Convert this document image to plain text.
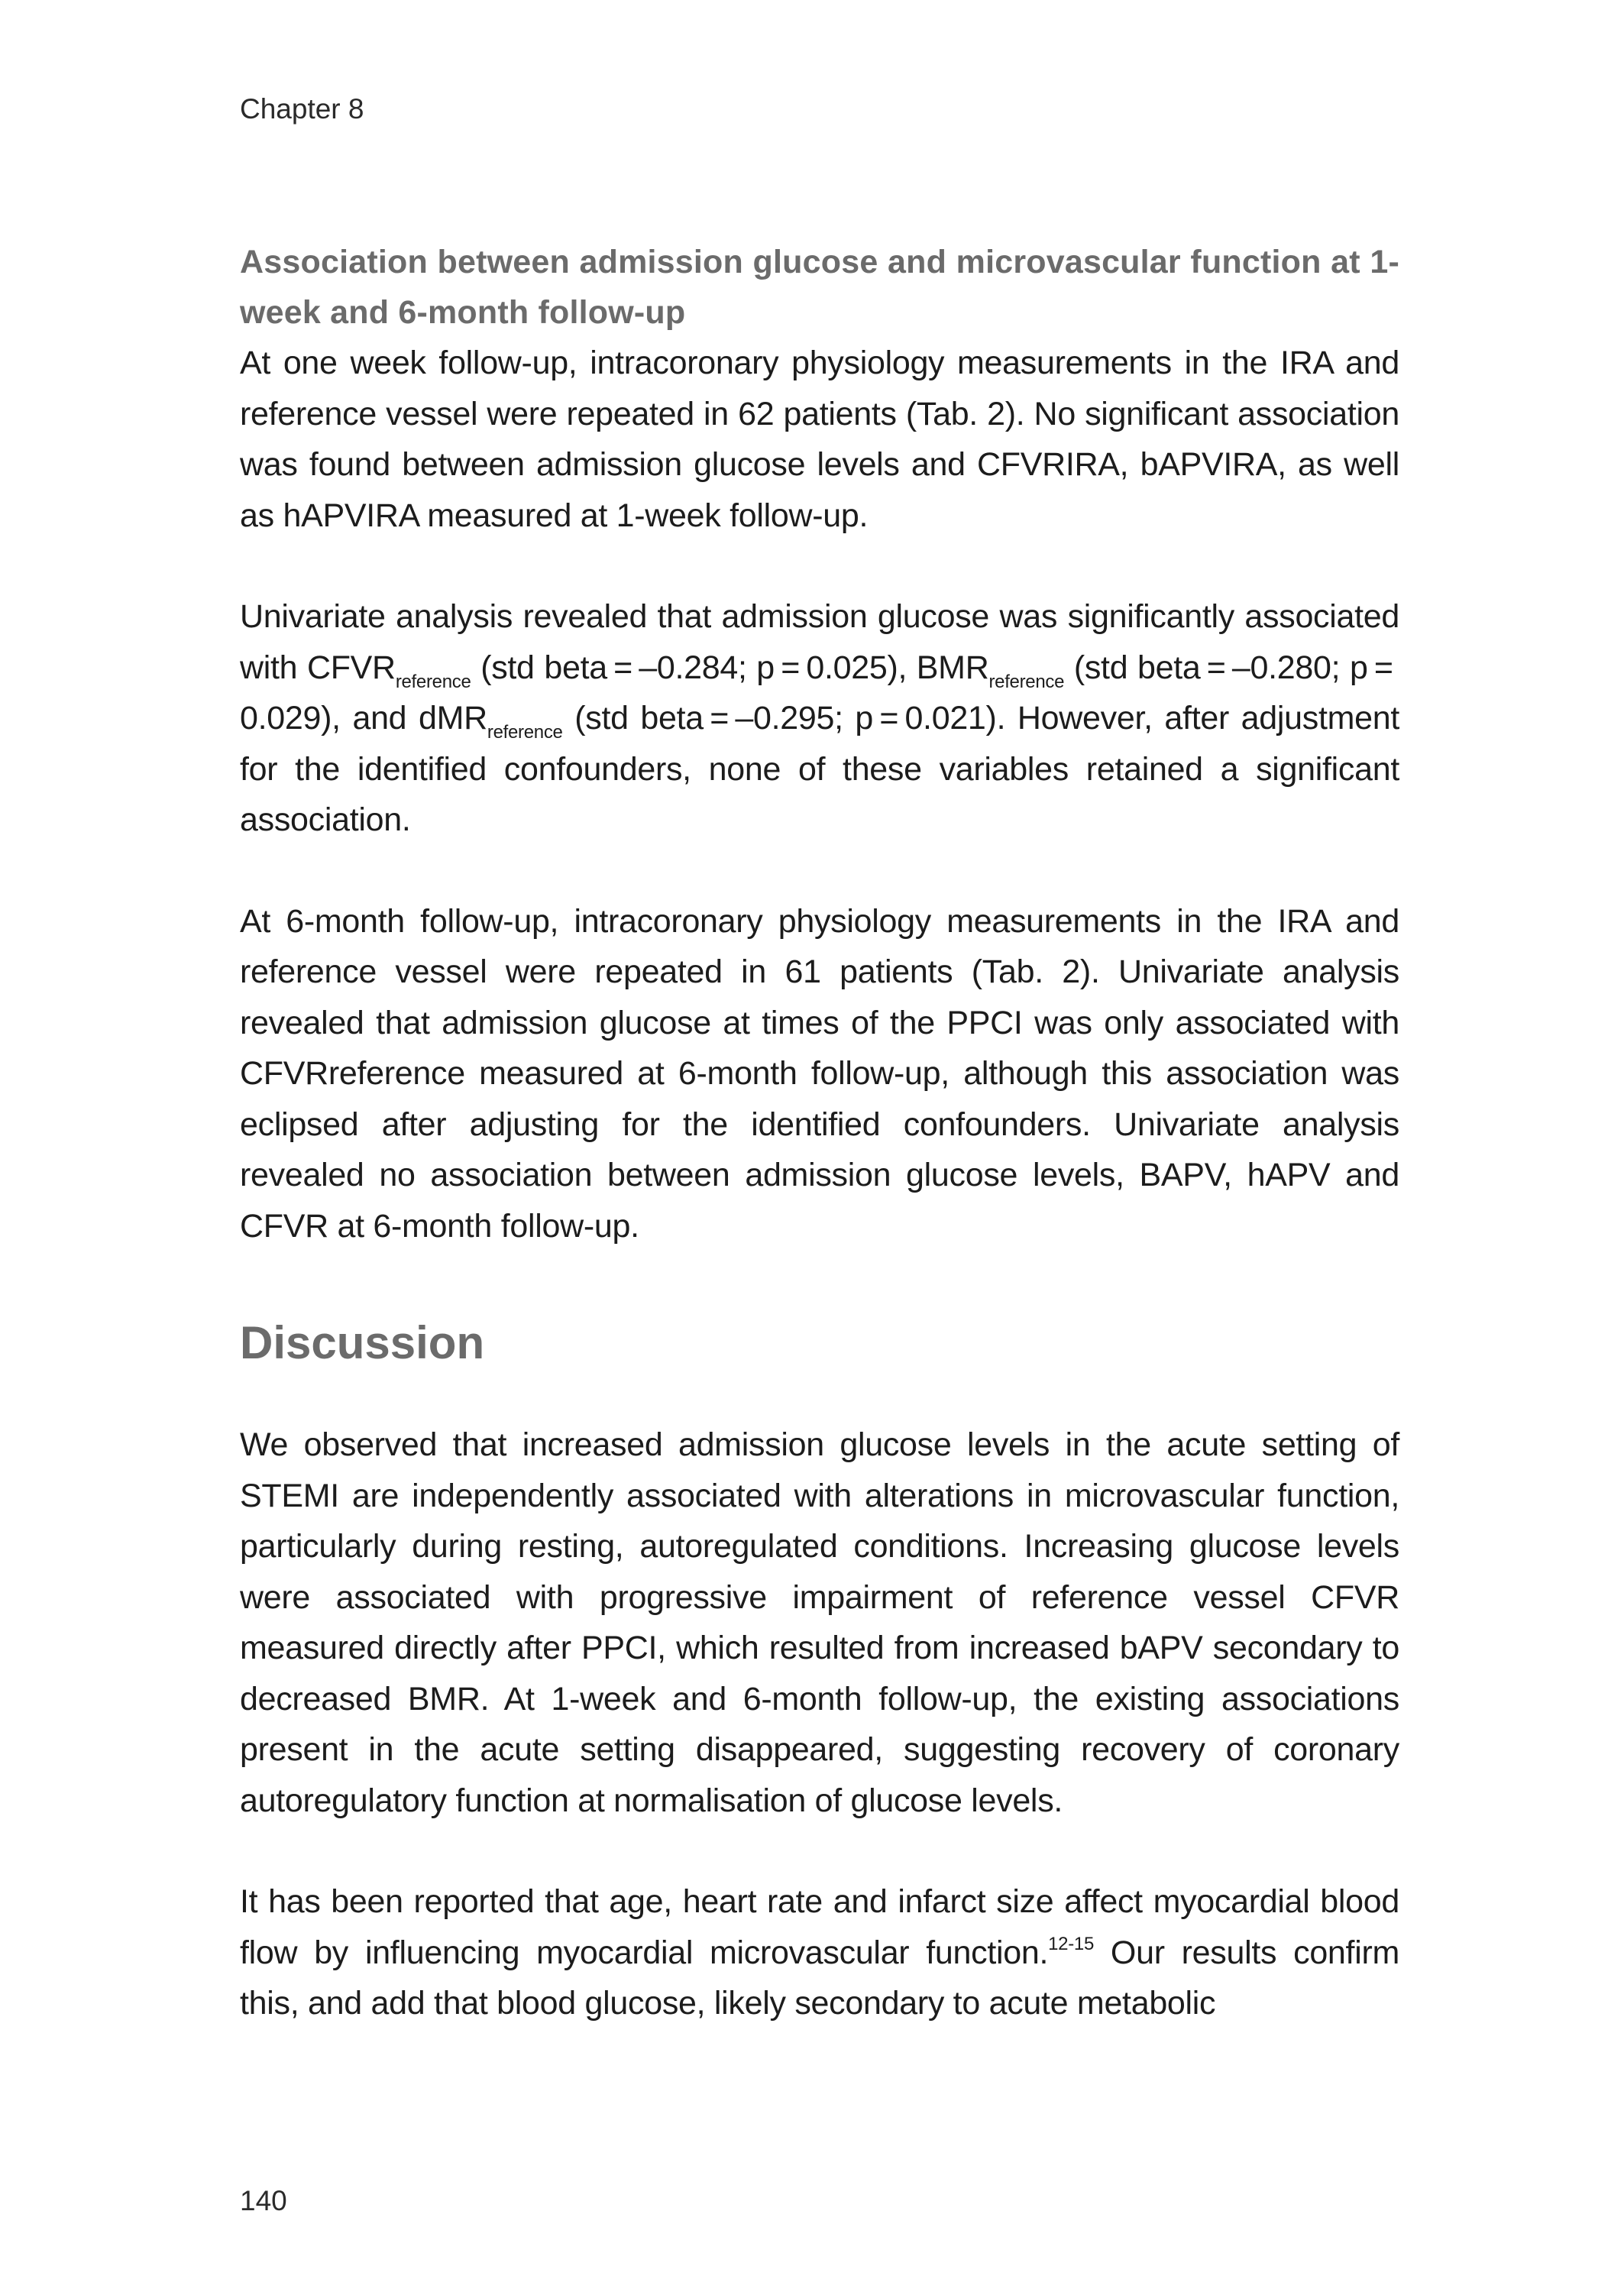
Chapter 8
Association between admission glucose and microvascular function at 1-week and 6-month follow-up

At one week follow-up, intracoronary physiology measurements in the IRA and reference vessel were repeated in 62 patients (Tab. 2). No significant association was found between admission glucose levels and CFVRIRA, bAPVIRA, as well as hAPVIRA measured at 1-week follow-up.

Univariate analysis revealed that admission glucose was significantly associated with $CFVR_{reference}$ (std beta = –0.284; p = 0.025), $BMR_{reference}$ (std beta = –0.280; p = 0.029), and dMR$_{reference}$ (std beta = –0.295; p = 0.021). However, after adjustment for the identified confounders, none of these variables retained a significant association.

At 6-month follow-up, intracoronary physiology measurements in the IRA and reference vessel were repeated in 61 patients (Tab. 2). Univariate analysis revealed that admission glucose at times of the PPCI was only associated with CFVRreference measured at 6-month follow-up, although this association was eclipsed after adjusting for the identified confounders. Univariate analysis revealed no association between admission glucose levels, BAPV, hAPV and CFVR at 6-month follow-up.

Discussion

We observed that increased admission glucose levels in the acute setting of STEMI are independently associated with alterations in microvascular function, particularly during resting, autoregulated conditions. Increasing glucose levels were associated with progressive impairment of reference vessel CFVR measured directly after PPCI, which resulted from increased bAPV secondary to decreased BMR. At 1-week and 6-month follow-up, the existing associations present in the acute setting disappeared, suggesting recovery of coronary autoregulatory function at normalisation of glucose levels.

It has been reported that age, heart rate and infarct size affect myocardial blood flow by influencing myocardial microvascular function.$^{12-15}$ Our results confirm this, and add that blood glucose, likely secondary to acute metabolic

140
